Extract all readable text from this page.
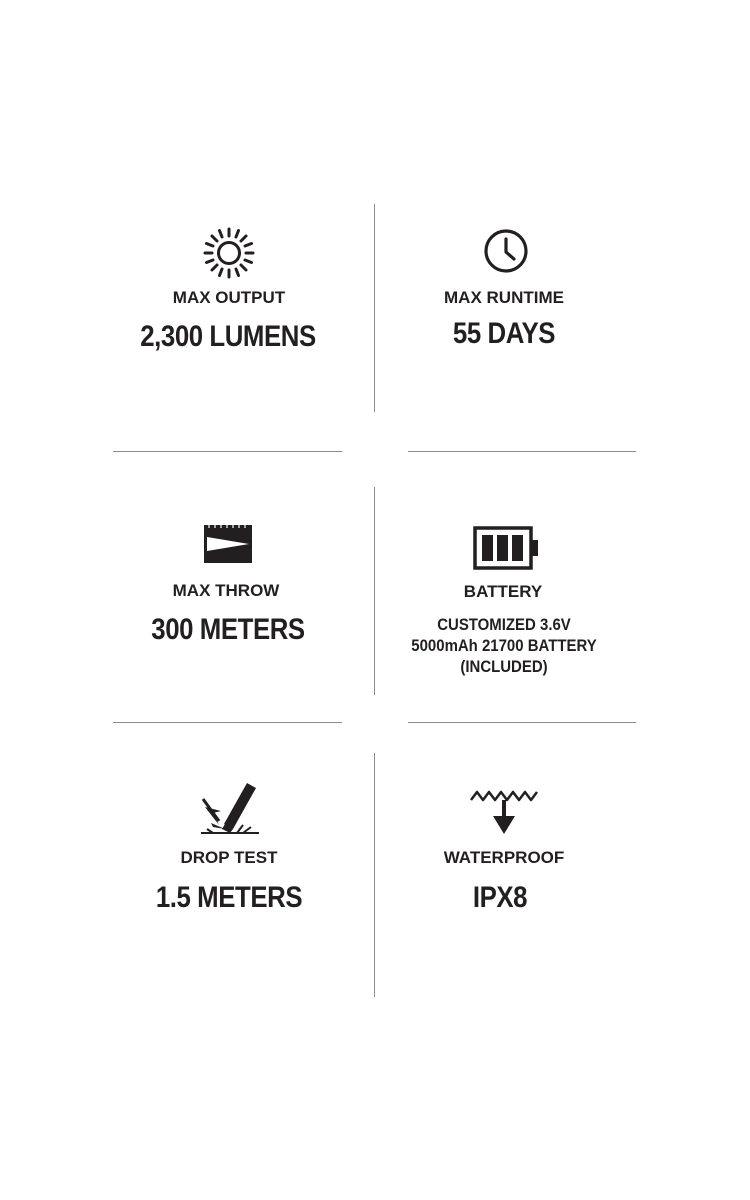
MAX OUTPUT
2,300 LUMENS
MAX RUNTIME
55 DAYS
MAX THROW
300 METERS
BATTERY
CUSTOMIZED 3.6V
5000mAh 21700 BATTERY
(INCLUDED)
DROP TEST
1.5 METERS
WATERPROOF
IPX8
